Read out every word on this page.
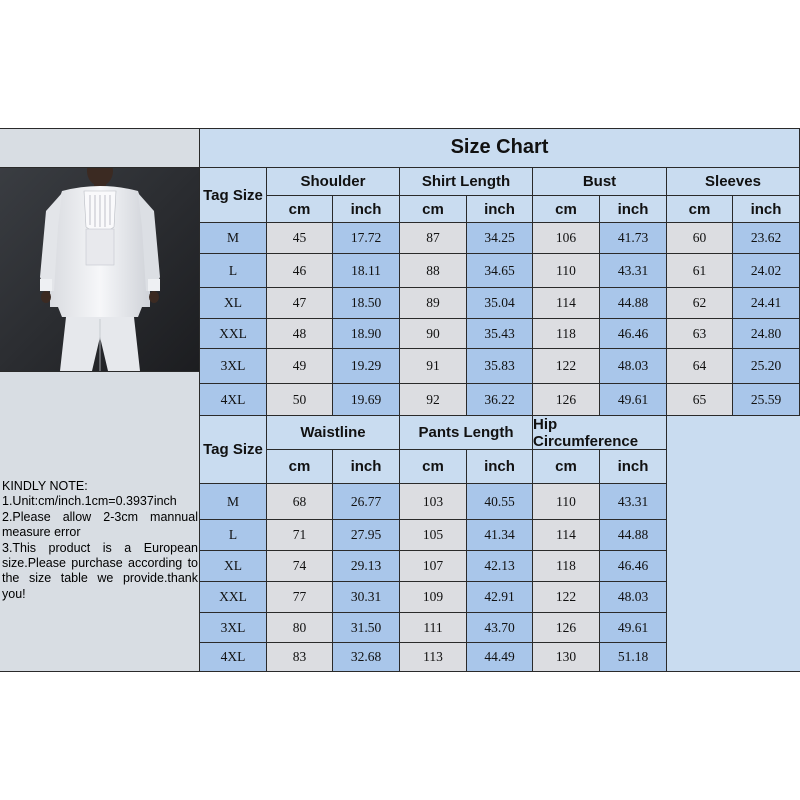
KINDLY NOTE:
1.Unit:cm/inch.1cm=0.3937inch
2.Please allow 2-3cm mannual measure error
3.This product is a European size.Please purchase according to the size table we provide.thank you!
Size Chart
Tag Size
Shoulder
cm	inch
Shirt Length
cm	inch
Bust
cm	inch
Sleeves
cm	inch
M	45	17.72	87	34.25	106	41.73	60	23.62
L	46	18.11	88	34.65	110	43.31	61	24.02
XL	47	18.50	89	35.04	114	44.88	62	24.41
XXL	48	18.90	90	35.43	118	46.46	63	24.80
3XL	49	19.29	91	35.83	122	48.03	64	25.20
4XL	50	19.69	92	36.22	126	49.61	65	25.59
Tag Size
Waistline
cm	inch
Pants Length
cm	inch
Hip Circumference
cm	inch
M	68	26.77	103	40.55	110	43.31
L	71	27.95	105	41.34	114	44.88
XL	74	29.13	107	42.13	118	46.46
XXL	77	30.31	109	42.91	122	48.03
3XL	80	31.50	111	43.70	126	49.61
4XL	83	32.68	113	44.49	130	51.18
